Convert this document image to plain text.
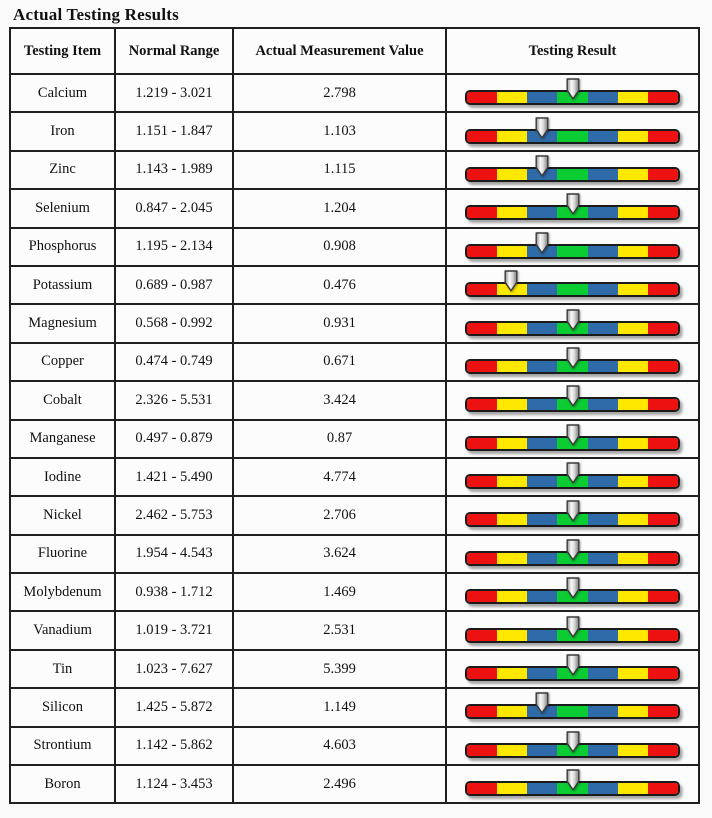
Actual Testing Results
Testing Item	Normal Range	Actual Measurement Value	Testing Result
Calcium	1.219 - 3.021	2.798	

Iron	1.151 - 1.847	1.103	

Zinc	1.143 - 1.989	1.115	

Selenium	0.847 - 2.045	1.204	

Phosphorus	1.195 - 2.134	0.908	

Potassium	0.689 - 0.987	0.476	

Magnesium	0.568 - 0.992	0.931	

Copper	0.474 - 0.749	0.671	

Cobalt	2.326 - 5.531	3.424	

Manganese	0.497 - 0.879	0.87	

Iodine	1.421 - 5.490	4.774	

Nickel	2.462 - 5.753	2.706	

Fluorine	1.954 - 4.543	3.624	

Molybdenum	0.938 - 1.712	1.469	

Vanadium	1.019 - 3.721	2.531	

Tin	1.023 - 7.627	5.399	

Silicon	1.425 - 5.872	1.149	

Strontium	1.142 - 5.862	4.603	

Boron	1.124 - 3.453	2.496	
